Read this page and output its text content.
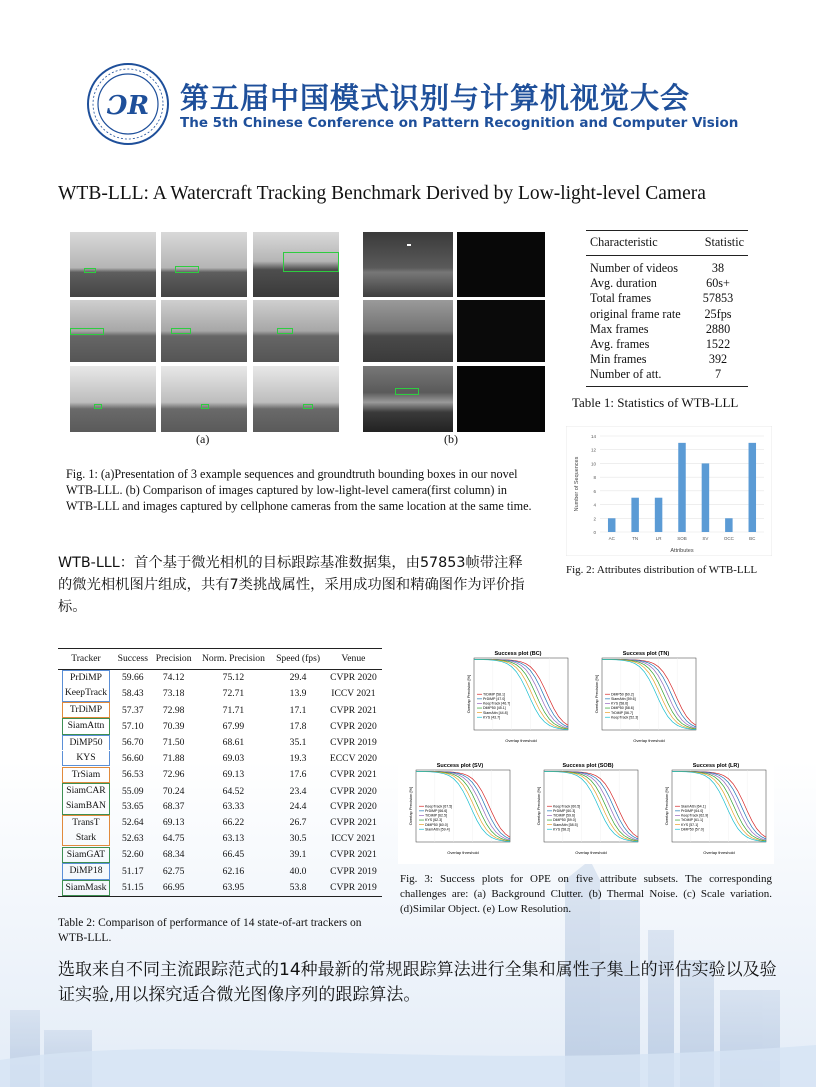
ƆR 第五届中国模式识别与计算机视觉大会
The 5th Chinese Conference on Pattern Recognition and Computer Vision
WTB-LLL: A Watercraft Tracking Benchmark Derived by Low-light-level Camera
(a)	(b)
Fig. 1: (a)Presentation of 3 example sequences and groundtruth bounding boxes in our novel WTB-LLL. (b) Comparison of images captured by low-light-level camera(first column) in WTB-LLL and images captured by cellphone cameras from the same location at the same time.
WTB-LLL：首个基于微光相机的目标跟踪基准数据集，由57853帧带注释的微光相机图片组成，共有7类挑战属性，采用成功图和精确图作为评价指标。
Characteristic	Statistic
Number of videos	38
Avg. duration	60s+
Total frames	57853
original frame rate	25fps
Max frames	2880
Avg. frames	1522
Min frames	392
Number of att.	7
Table 1: Statistics of WTB-LLL
0
2
4
6
8
10
12
14
AC	TN	LR	SOB	SV	OCC	BC
Attributes
Number of Sequences
Fig. 2: Attributes distribution of WTB-LLL
Tracker	Success	Precision	Norm. Precision	Speed (fps)	Venue
PrDiMP	59.66	74.12	75.12	29.4	CVPR 2020
KeepTrack	58.43	73.18	72.71	13.9	ICCV 2021
TrDiMP	57.37	72.98	71.71	17.1	CVPR 2021
SiamAttn	57.10	70.39	67.99	17.8	CVPR 2020
DiMP50	56.70	71.50	68.61	35.1	CVPR 2019
KYS	56.60	71.88	69.03	19.3	ECCV 2020
TrSiam	56.53	72.96	69.13	17.6	CVPR 2021
SiamCAR	55.09	70.24	64.52	23.4	CVPR 2020
SiamBAN	53.65	68.37	63.33	24.4	CVPR 2020
TransT	52.64	69.13	66.22	26.7	CVPR 2021
Stark	52.63	64.75	63.13	30.5	ICCV 2021
SiamGAT	52.60	68.34	66.45	39.1	CVPR 2021
DiMP18	51.17	62.75	62.16	40.0	CVPR 2019
SiamMask	51.15	66.95	63.95	53.8	CVPR 2019
Table 2: Comparison of performance of 14 state-of-art trackers on WTB-LLL.
Success plot (BC)
TrDiMP [58.1]
PrDiMP [47.0]
KeepTrack [46.7]
DiMP50 [45.1]
SiamAttn [44.8]
KYS [43.7]
Overlap threshold
Overlap Precision [%]
Success plot (TN)
DiMP50 [60.2]
SiamAttn [59.6]
KYS [58.6]
DiMP50 [58.6]
TrDiMP [56.7]
KeepTrack [52.3]
Overlap threshold
Overlap Precision [%]
Success plot (SV)
KeepTrack [67.5]
PrDiMP [66.6]
TrDiMP [62.5]
KYS [62.3]
DiMP50 [60.0]
SiamAttn [59.4]
Overlap threshold
Overlap Precision [%]
Success plot (SOB)
KeepTrack [60.5]
PrDiMP [60.3]
TrDiMP [59.6]
DiMP50 [59.0]
SiamAttn [58.5]
KYS [58.2]
Overlap threshold
Overlap Precision [%]
Success plot (LR)
SiamAttn [64.1]
PrDiMP [64.0]
KeepTrack [62.9]
TrDiMP [61.1]
KYS [57.1]
DiMP50 [57.0]
Overlap threshold
Overlap Precision [%]
Fig. 3: Success plots for OPE on five attribute subsets. The corresponding challenges are: (a) Background Clutter. (b) Thermal Noise. (c) Scale variation.(d)Similar Object. (e) Low Resolution.
选取来自不同主流跟踪范式的14种最新的常规跟踪算法进行全集和属性子集上的评估实验以及验证实验,用以探究适合微光图像序列的跟踪算法。
